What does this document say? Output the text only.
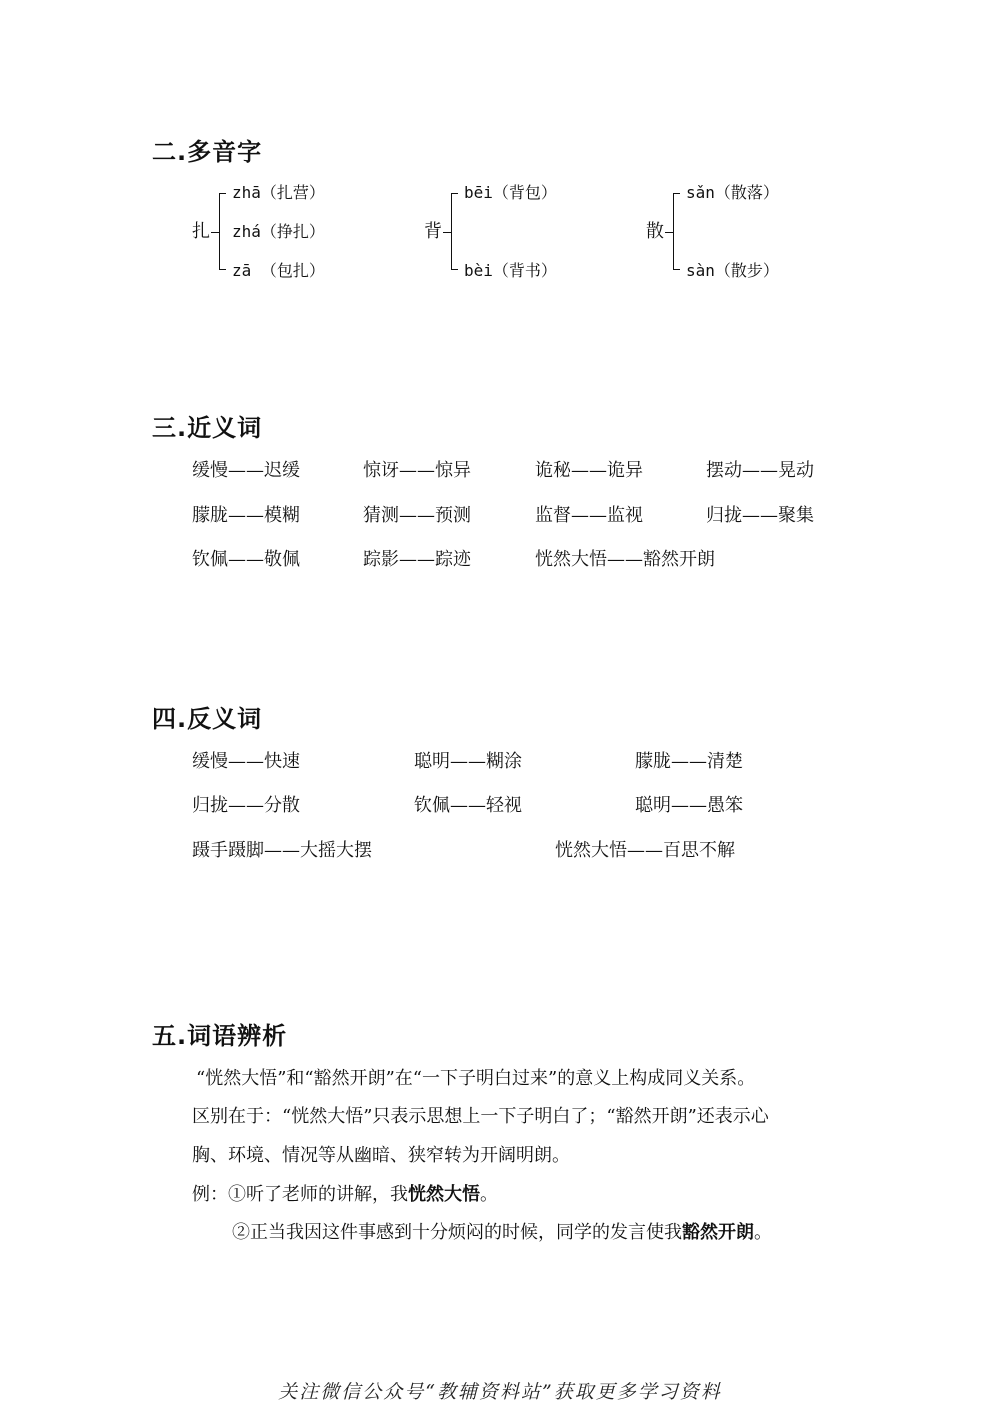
二.多音字
扎
zhā（扎营）
zhá（挣扎）
zā （包扎）
背
bēi（背包）
bèi（背书）
散
sǎn（散落）
sàn（散步）
三.近义词
缓慢——迟缓	惊讶——惊异	诡秘——诡异	摆动——晃动
朦胧——模糊	猜测——预测	监督——监视	归拢——聚集
钦佩——敬佩	踪影——踪迹	恍然大悟——豁然开朗
四.反义词
缓慢——快速	聪明——糊涂	朦胧——清楚
归拢——分散	钦佩——轻视	聪明——愚笨
蹑手蹑脚——大摇大摆	恍然大悟——百思不解
五.词语辨析
“恍然大悟”和“豁然开朗”在“一下子明白过来”的意义上构成同义关系。
区别在于：“恍然大悟”只表示思想上一下子明白了；“豁然开朗”还表示心
胸、环境、情况等从幽暗、狭窄转为开阔明朗。
例：①听了老师的讲解，我恍然大悟。
②正当我因这件事感到十分烦闷的时候，同学的发言使我豁然开朗。
关注微信公众号“教辅资料站”获取更多学习资料
